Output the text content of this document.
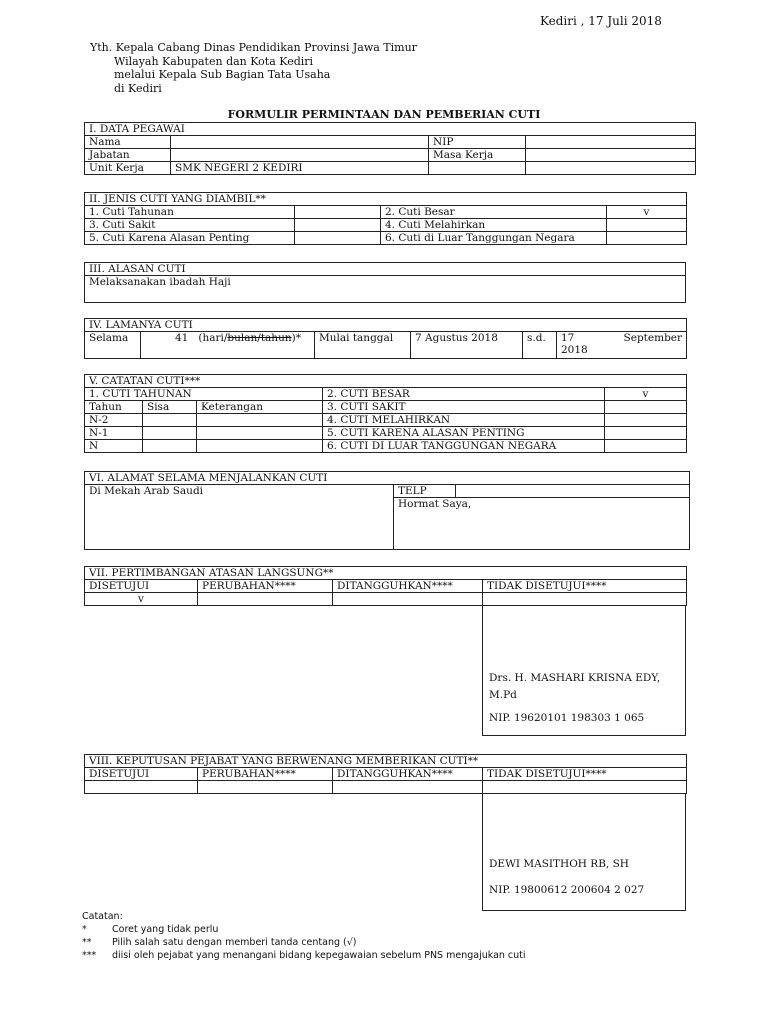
Kediri , 17 Juli 2018
Yth. Kepala Cabang Dinas Pendidikan Provinsi Jawa Timur
Wilayah Kabupaten dan Kota Kediri
melalui Kepala Sub Bagian Tata Usaha
di Kediri
FORMULIR PERMINTAAN DAN PEMBERIAN CUTI
I. DATA PEGAWAI			
Nama		NIP	
Jabatan		Masa Kerja	
Unit Kerja	SMK NEGERI 2 KEDIRI		
II. JENIS CUTI YANG DIAMBIL**			
1. Cuti Tahunan		2. Cuti Besar	v
3. Cuti Sakit		4. Cuti Melahirkan	
5. Cuti Karena Alasan Penting		6. Cuti di Luar Tanggungan Negara	
III. ALASAN CUTI
Melaksanakan ibadah Haji
IV. LAMANYA CUTI
Selama	41 (hari/bulan/tahun)*	Mulai tanggal	7 Agustus 2018	s.d.	17	September
2018
V. CATATAN CUTI***				
1. CUTI TAHUNAN			2. CUTI BESAR	v
Tahun	Sisa	Keterangan	3. CUTI SAKIT	
N-2			4. CUTI MELAHIRKAN	
N-1			5. CUTI KARENA ALASAN PENTING	
N			6. CUTI DI LUAR TANGGUNGAN NEGARA	
VI. ALAMAT SELAMA MENJALANKAN CUTI
Di Mekah Arab Saudi	TELP	
Hormat Saya,
VII. PERTIMBANGAN ATASAN LANGSUNG**			
DISETUJUI	PERUBAHAN****	DITANGGUHKAN****	TIDAK DISETUJUI****
v			
Drs. H. MASHARI KRISNA EDY,
M.Pd
NIP. 19620101 198303 1 065
VIII. KEPUTUSAN PEJABAT YANG BERWENANG MEMBERIKAN CUTI**			
DISETUJUI	PERUBAHAN****	DITANGGUHKAN****	TIDAK DISETUJUI****

DEWI MASITHOH RB, SH
NIP. 19800612 200604 2 027
Catatan:
*	Coret yang tidak perlu
** Pilih salah satu dengan memberi tanda centang (√)
*** diisi oleh pejabat yang menangani bidang kepegawaian sebelum PNS mengajukan cuti
